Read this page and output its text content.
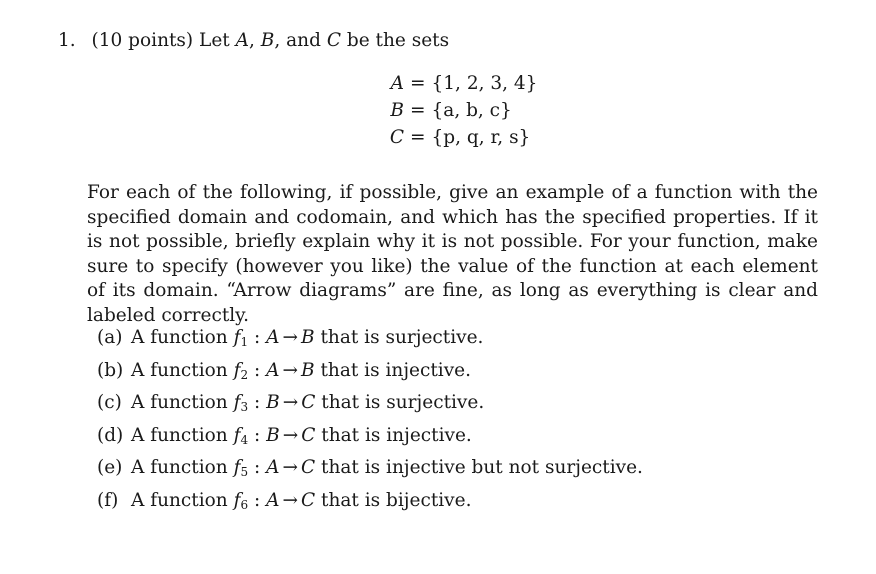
1. (10 points) Let A, B, and C be the sets
A = {1, 2, 3, 4}
B = {a, b, c}
C = {p, q, r, s}

For each of the following, if possible, give an example of a function with the specified domain and codomain, and which has the specified properties. If it is not possible, briefly explain why it is not possible. For your function, make sure to specify (however you like) the value of the function at each element of its domain. “Arrow diagrams” are fine, as long as everything is clear and labeled correctly.

(a) A function $f_1$ : A → B that is surjective.
(b) A function $f_2$ : A → B that is injective.
(c) A function $f_3$ : B → C that is surjective.
(d) A function $f_4$ : B → C that is injective.
(e) A function $f_5$ : A → C that is injective but not surjective.
(f) A function $f_6$ : A → C that is bijective.
